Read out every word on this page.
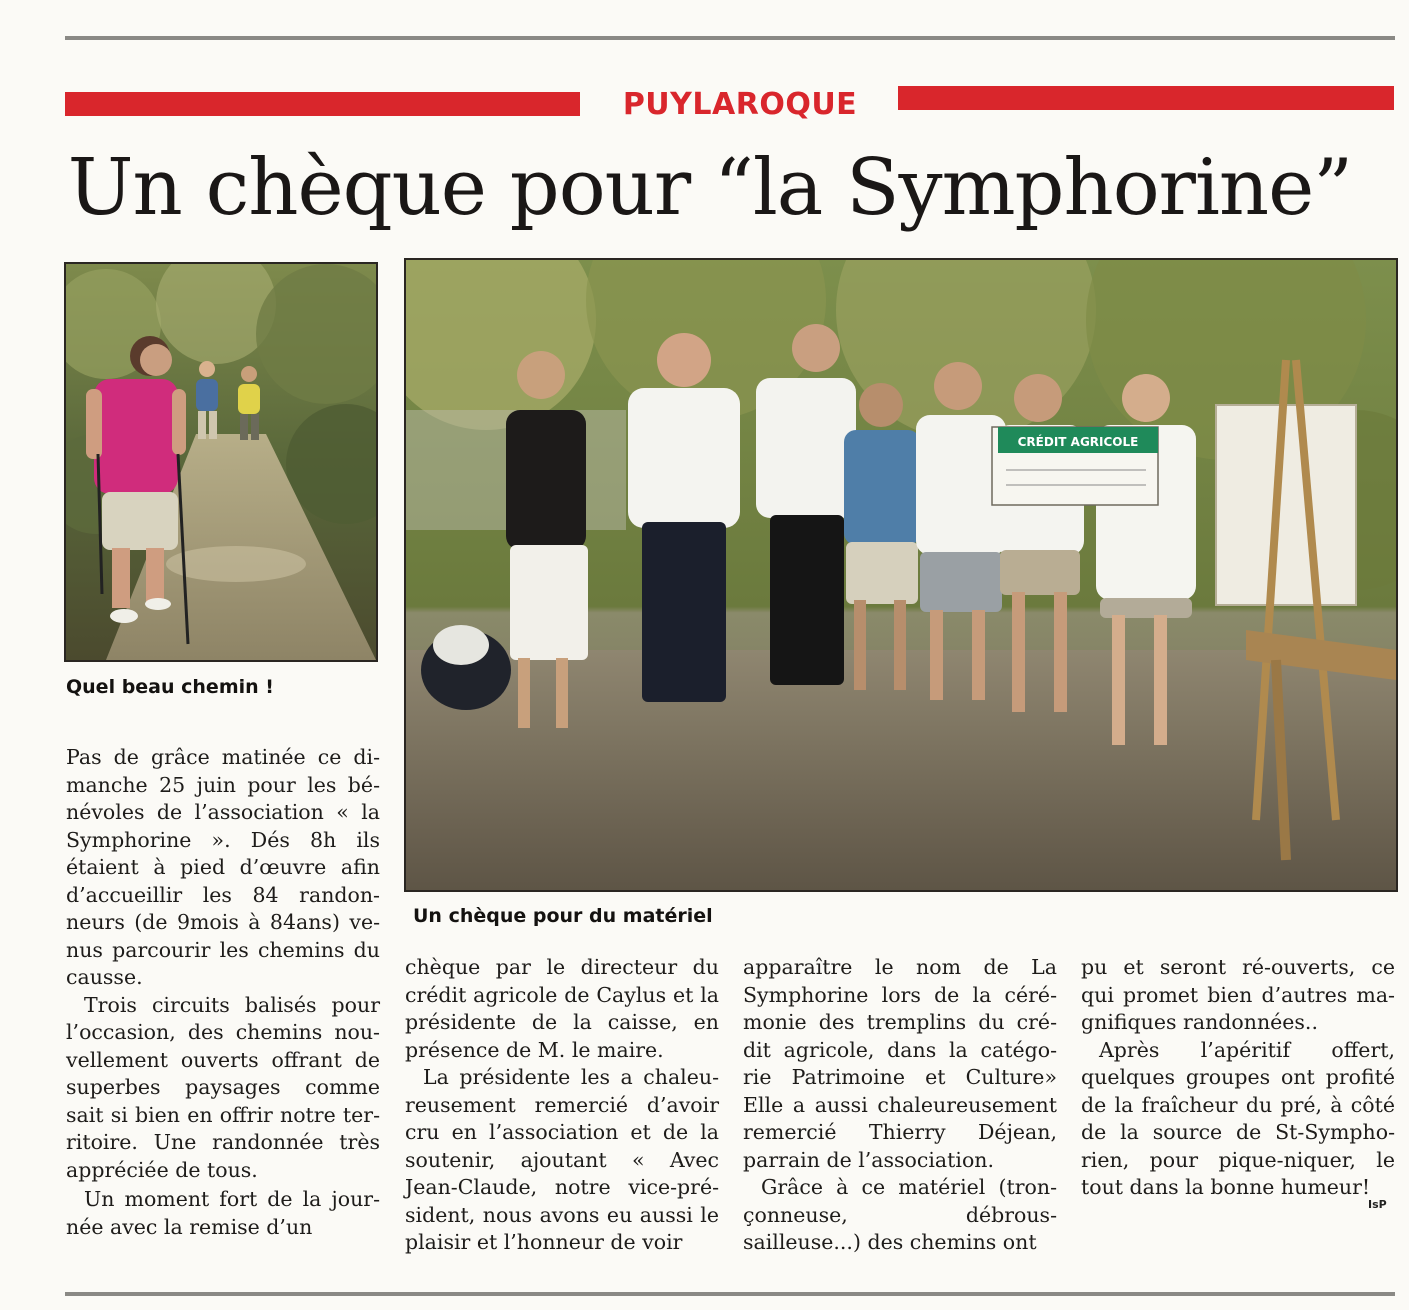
PUYLAROQUE
Un chèque pour “la Symphorine”
Quel beau chemin !
CRÉDIT AGRICOLE
Un chèque pour du matériel

Pas de grâce matinée ce di-manche 25 juin pour les bé-névoles de l’association « la Symphorine ». Dés 8h ils étaient à pied d’œuvre afin d’accueillir les 84 randon-neurs (de 9mois à 84ans) ve-nus parcourir les chemins du causse.

Trois circuits balisés pour l’occasion, des chemins nou-vellement ouverts offrant de superbes paysages comme sait si bien en offrir notre ter-ritoire. Une randonnée très appréciée de tous.

Un moment fort de la jour-née avec la remise d’un

chèque par le directeur du crédit agricole de Caylus et la présidente de la caisse, en présence de M. le maire.

La présidente les a chaleu-reusement remercié d’avoir cru en l’association et de la soutenir, ajoutant « Avec Jean-Claude, notre vice-pré-sident, nous avons eu aussi le plaisir et l’honneur de voir

apparaître le nom de La Symphorine lors de la céré-monie des tremplins du cré-dit agricole, dans la catégo-rie Patrimoine et Culture» Elle a aussi chaleureusement remercié Thierry Déjean, parrain de l’association.

Grâce à ce matériel (tron-çonneuse, débrous-sailleuse...) des chemins ont

pu et seront ré-ouverts, ce qui promet bien d’autres ma-gnifiques randonnées..

Après l’apéritif offert, quelques groupes ont profité de la fraîcheur du pré, à côté de la source de St-Sympho-rien, pour pique-niquer, le tout dans la bonne humeur!

IsP
